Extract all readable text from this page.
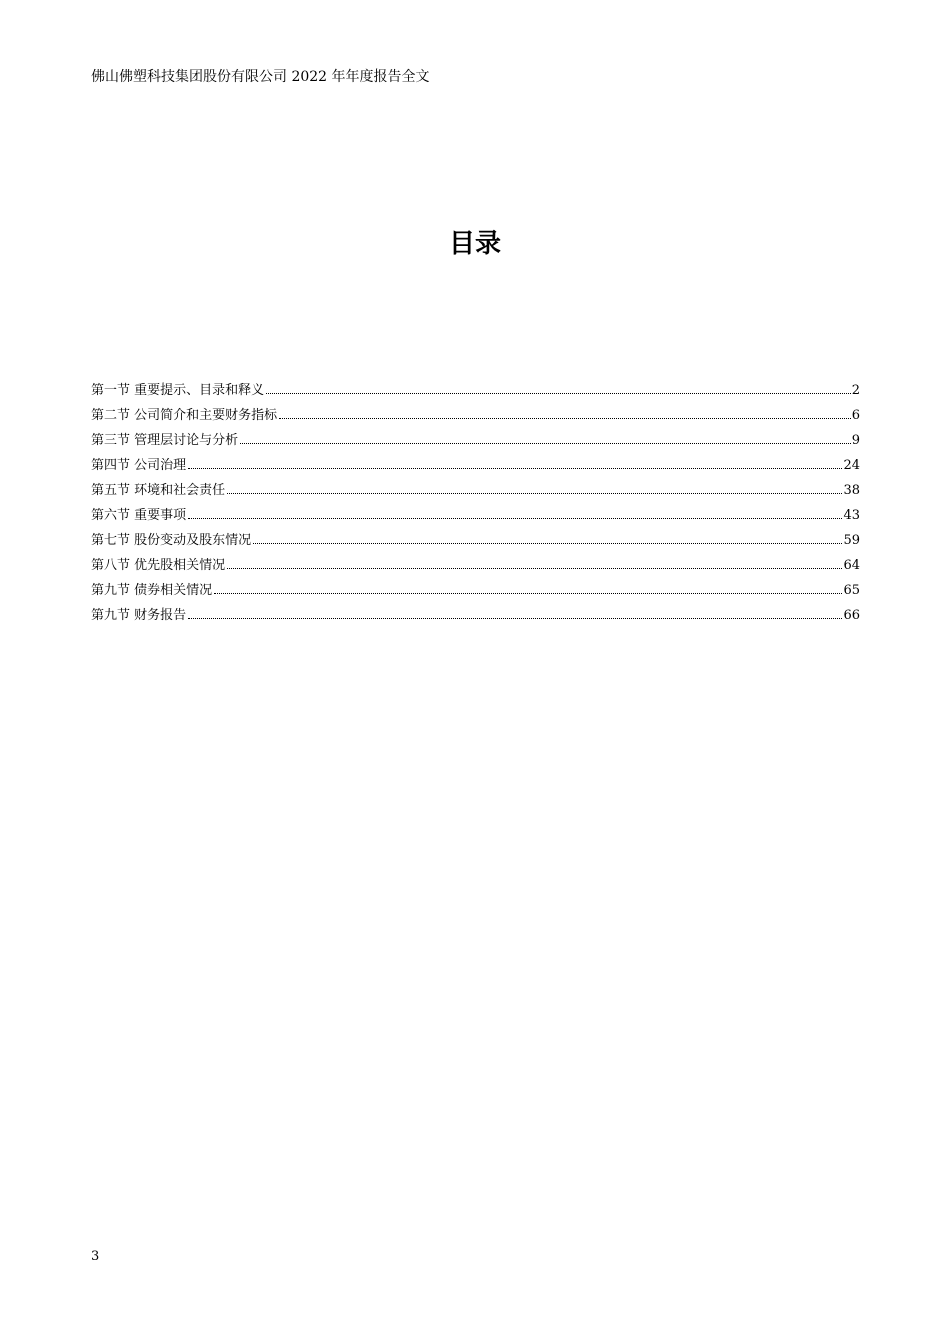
佛山佛塑科技集团股份有限公司 2022 年年度报告全文
目录
第一节 重要提示、目录和释义	2
第二节 公司简介和主要财务指标	6
第三节 管理层讨论与分析	9
第四节 公司治理	24
第五节 环境和社会责任	38
第六节 重要事项	43
第七节 股份变动及股东情况	59
第八节 优先股相关情况	64
第九节 债券相关情况	65
第九节 财务报告	66
3
